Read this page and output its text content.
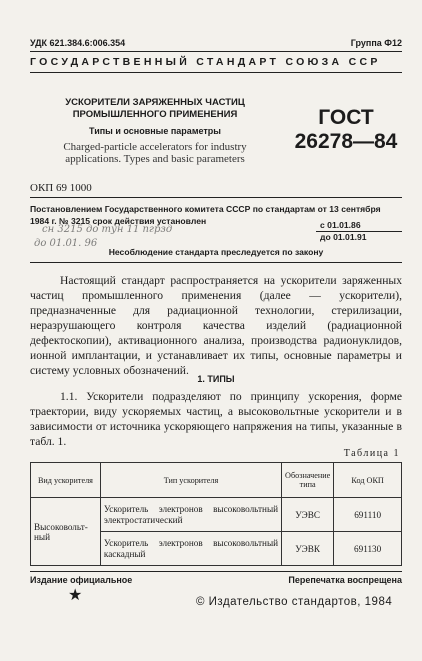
УДК 621.384.6:006.354	Группа Ф12
ГОСУДАРСТВЕННЫЙ СТАНДАРТ СОЮЗА ССР
УСКОРИТЕЛИ ЗАРЯЖЕННЫХ ЧАСТИЦ
ПРОМЫШЛЕННОГО ПРИМЕНЕНИЯ
Типы и основные параметры
Charged-particle accelerators for industry
applications. Types and basic parameters
ГОСТ
26278—84
ОКП 69 1000
Постановлением Государственного комитета СССР по стандартам от 13 сентября
1984 г. № 3215 срок действия установлен
сн 3215 до тун 11 пгрзд
до 01.01. 96
с 01.01.86
до 01.01.91
Несоблюдение стандарта преследуется по закону

Настоящий стандарт распространяется на ускорители заряженных частиц промышленного применения (далее — ускорители), предназначенные для радиационной технологии, стерилизации, неразрушающего контроля качества изделий (радиационной дефектоскопии), активационного анализа, производства радионуклидов, ионной имплантации, и устанавливает их типы, основные параметры и систему условных обозначений.

1. ТИПЫ

1.1. Ускорители подразделяют по принципу ускорения, форме траектории, виду ускоряемых частиц, а высоковольтные ускорители и в зависимости от источника ускоряющего напряжения на типы, указанные в табл. 1.

Таблица 1
Вид ускорителя	Тип ускорителя	Обозначение типа	Код ОКП
Высоковольт-ный	Ускоритель электронов высоковольтный электростатический	УЭВС	691110
	Ускоритель электронов высоковольтный каскадный	УЭВК	691130
Издание официальное	Перепечатка воспрещена
★	© Издательство стандартов, 1984
